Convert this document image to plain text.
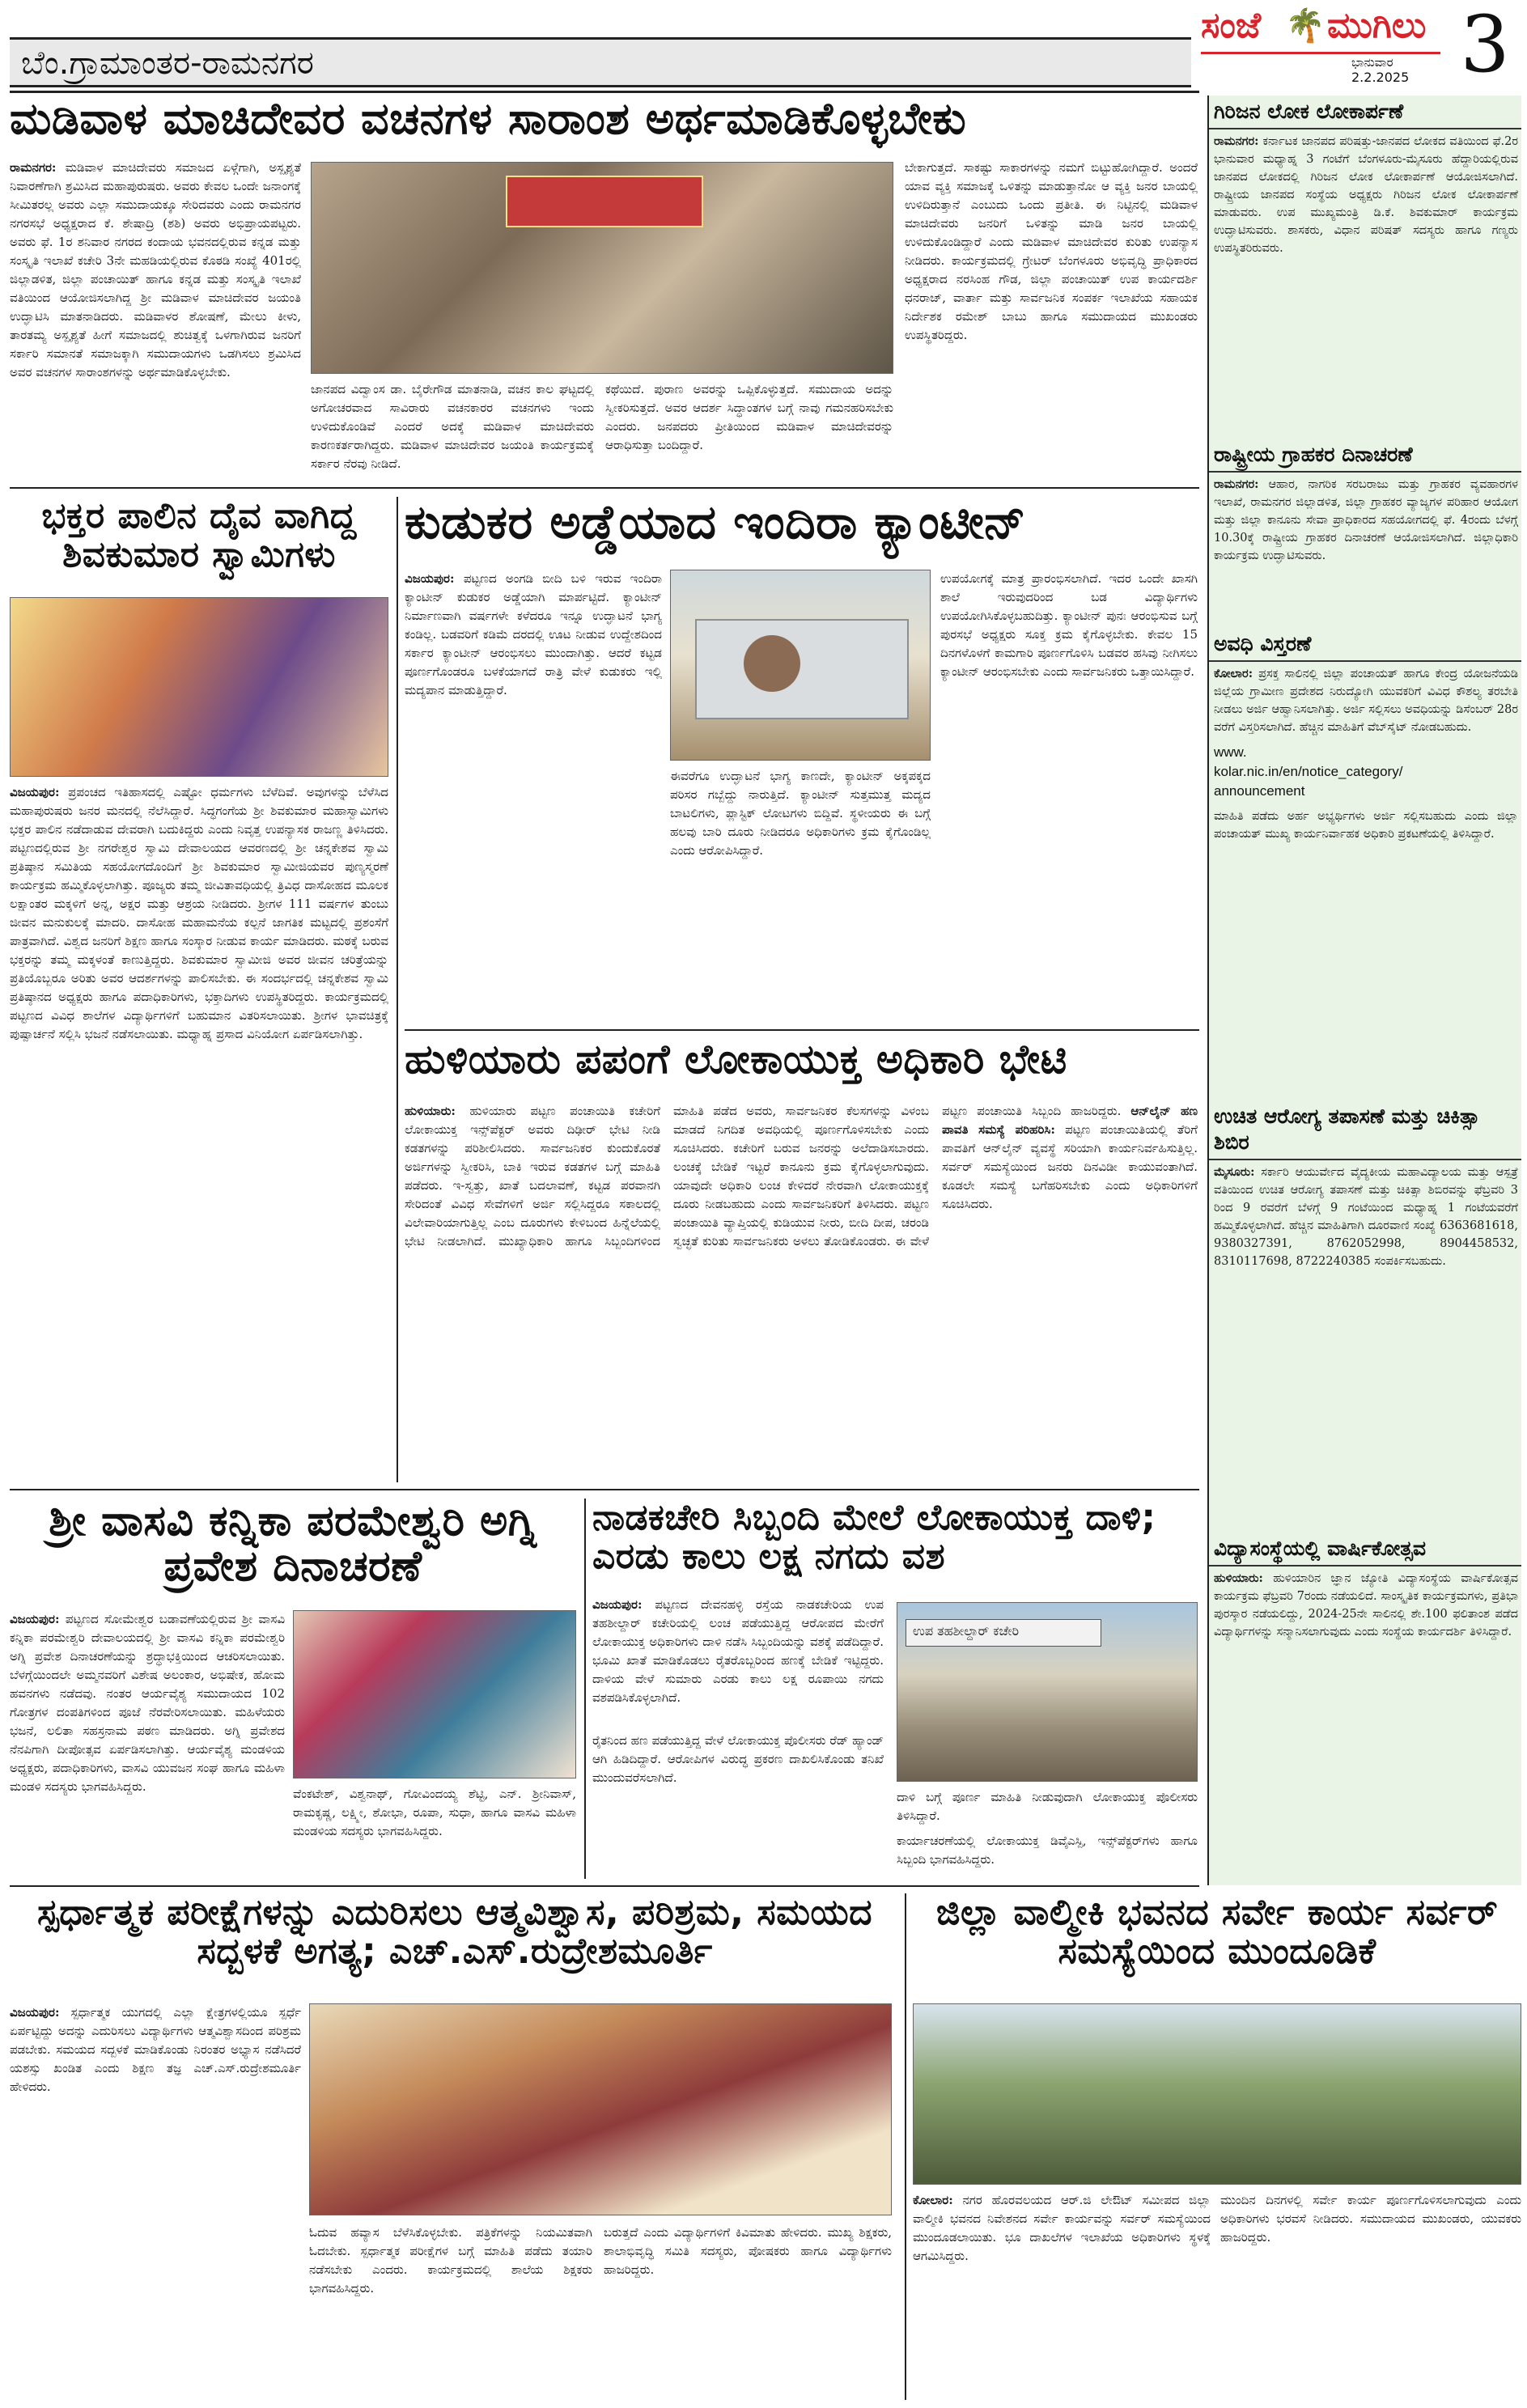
ಬೆಂ.ಗ್ರಾಮಾಂತರ-ರಾಮನಗರ
ಸಂಜೆ 🌴 ಮುಗಿಲು
ಭಾನುವಾರ
2.2.2025 3
ಮಡಿವಾಳ ಮಾಚಿದೇವರ ವಚನಗಳ ಸಾರಾಂಶ ಅರ್ಥಮಾಡಿಕೊಳ್ಳಬೇಕು
ರಾಮನಗರ: ಮಡಿವಾಳ ಮಾಚಿದೇವರು ಸಮಾಜದ ಏಳ್ಗೆಗಾಗಿ, ಅಸ್ಪೃಶ್ಯತೆ ನಿವಾರಣೆಗಾಗಿ ಶ್ರಮಿಸಿದ ಮಹಾಪುರುಷರು. ಅವರು ಕೇವಲ ಒಂದೇ ಜನಾಂಗಕ್ಕೆ ಸೀಮಿತರಲ್ಲ ಅವರು ಎಲ್ಲಾ ಸಮುದಾಯಕ್ಕೂ ಸೇರಿದವರು ಎಂದು ರಾಮನಗರ ನಗರಸಭೆ ಅಧ್ಯಕ್ಷರಾದ ಕೆ. ಶೇಷಾದ್ರಿ (ಶಶಿ) ಅವರು ಅಭಿಪ್ರಾಯಪಟ್ಟರು. ಅವರು ಫೆ. 1ರ ಶನಿವಾರ ನಗರದ ಕಂದಾಯ ಭವನದಲ್ಲಿರುವ ಕನ್ನಡ ಮತ್ತು ಸಂಸ್ಕೃತಿ ಇಲಾಖೆ ಕಚೇರಿ 3ನೇ ಮಹಡಿಯಲ್ಲಿರುವ ಕೊಠಡಿ ಸಂಖ್ಯೆ 401ರಲ್ಲಿ ಜಿಲ್ಲಾಡಳಿತ, ಜಿಲ್ಲಾ ಪಂಚಾಯಿತ್ ಹಾಗೂ ಕನ್ನಡ ಮತ್ತು ಸಂಸ್ಕೃತಿ ಇಲಾಖೆ ವತಿಯಿಂದ ಆಯೋಜಿಸಲಾಗಿದ್ದ ಶ್ರೀ ಮಡಿವಾಳ ಮಾಚಿದೇವರ ಜಯಂತಿ ಉದ್ಘಾಟಿಸಿ ಮಾತನಾಡಿದರು. ಮಡಿವಾಳರ ಶೋಷಣೆ, ಮೇಲು ಕೀಳು, ತಾರತಮ್ಯ ಅಸ್ಪೃಶ್ಯತೆ ಹೀಗೆ ಸಮಾಜದಲ್ಲಿ ಶುಚಿತ್ವಕ್ಕೆ ಒಳಗಾಗಿರುವ ಜನರಿಗೆ ಸರ್ಕಾರಿ ಸಮಾನತೆ ಸಮಾಜಕ್ಕಾಗಿ ಸಮುದಾಯಗಳು ಒಡಗಿಸಲು ಶ್ರಮಿಸಿದ ಅವರ ವಚನಗಳ ಸಾರಾಂಶಗಳನ್ನು ಅರ್ಥಮಾಡಿಕೊಳ್ಳಬೇಕು.
ಜಾನಪದ ವಿದ್ವಾಂಸ ಡಾ. ಬೈರೇಗೌಡ ಮಾತನಾಡಿ, ವಚನ ಕಾಲ ಘಟ್ಟದಲ್ಲಿ ಅಗೋಚರವಾದ ಸಾವಿರಾರು ವಚನಕಾರರ ವಚನಗಳು ಇಂದು ಉಳಿದುಕೊಂಡಿವೆ ಎಂದರೆ ಅದಕ್ಕೆ ಮಡಿವಾಳ ಮಾಚಿದೇವರು ಕಾರಣಕರ್ತರಾಗಿದ್ದರು. ಮಡಿವಾಳ ಮಾಚಿದೇವರ ಜಯಂತಿ ಕಾರ್ಯಕ್ರಮಕ್ಕೆ ಸರ್ಕಾರ ನೆರವು ನೀಡಿದೆ.
ಕಥೆಯಿದೆ. ಪುರಾಣ ಅವರನ್ನು ಒಪ್ಪಿಕೊಳ್ಳುತ್ತದೆ. ಸಮುದಾಯ ಅದನ್ನು ಸ್ವೀಕರಿಸುತ್ತದೆ. ಅವರ ಆದರ್ಶ ಸಿದ್ಧಾಂತಗಳ ಬಗ್ಗೆ ನಾವು ಗಮನಹರಿಸಬೇಕು ಎಂದರು. ಜನಪದರು ಪ್ರೀತಿಯಿಂದ ಮಡಿವಾಳ ಮಾಚಿದೇವರನ್ನು ಆರಾಧಿಸುತ್ತಾ ಬಂದಿದ್ದಾರೆ.
ಬೇಕಾಗುತ್ತದೆ. ಸಾಕಷ್ಟು ಸಾಕಾರಗಳನ್ನು ನಮಗೆ ಬಿಟ್ಟುಹೋಗಿದ್ದಾರೆ. ಅಂದರೆ ಯಾವ ವ್ಯಕ್ತಿ ಸಮಾಜಕ್ಕೆ ಒಳಿತನ್ನು ಮಾಡುತ್ತಾನೋ ಆ ವ್ಯಕ್ತಿ ಜನರ ಬಾಯಲ್ಲಿ ಉಳಿದಿರುತ್ತಾನೆ ಎಂಬುದು ಒಂದು ಪ್ರತೀತಿ. ಈ ನಿಟ್ಟಿನಲ್ಲಿ ಮಡಿವಾಳ ಮಾಚಿದೇವರು ಜನರಿಗೆ ಒಳಿತನ್ನು ಮಾಡಿ ಜನರ ಬಾಯಲ್ಲಿ ಉಳಿದುಕೊಂಡಿದ್ದಾರೆ ಎಂದು ಮಡಿವಾಳ ಮಾಚಿದೇವರ ಕುರಿತು ಉಪನ್ಯಾಸ ನೀಡಿದರು. ಕಾರ್ಯಕ್ರಮದಲ್ಲಿ ಗ್ರೇಟರ್ ಬೆಂಗಳೂರು ಅಭಿವೃದ್ಧಿ ಪ್ರಾಧಿಕಾರದ ಅಧ್ಯಕ್ಷರಾದ ನರಸಿಂಹ ಗೌಡ, ಜಿಲ್ಲಾ ಪಂಚಾಯಿತ್ ಉಪ ಕಾರ್ಯದರ್ಶಿ ಧನರಾಜ್, ವಾರ್ತಾ ಮತ್ತು ಸಾರ್ವಜನಿಕ ಸಂಪರ್ಕ ಇಲಾಖೆಯ ಸಹಾಯಕ ನಿರ್ದೇಶಕ ರಮೇಶ್ ಬಾಬು ಹಾಗೂ ಸಮುದಾಯದ ಮುಖಂಡರು ಉಪಸ್ಥಿತರಿದ್ದರು.
ಭಕ್ತರ ಪಾಲಿನ ದೈವ ವಾಗಿದ್ದ ಶಿವಕುಮಾರ ಸ್ವಾಮಿಗಳು
ವಿಜಯಪುರ: ಪ್ರಪಂಚದ ಇತಿಹಾಸದಲ್ಲಿ ಎಷ್ಟೋ ಧರ್ಮಗಳು ಬೆಳೆದಿವೆ. ಅವುಗಳನ್ನು ಬೆಳೆಸಿದ ಮಹಾಪುರುಷರು ಜನರ ಮನದಲ್ಲಿ ನೆಲೆಸಿದ್ದಾರೆ. ಸಿದ್ಧಗಂಗೆಯ ಶ್ರೀ ಶಿವಕುಮಾರ ಮಹಾಸ್ವಾಮಿಗಳು ಭಕ್ತರ ಪಾಲಿನ ನಡೆದಾಡುವ ದೇವರಾಗಿ ಬದುಕಿದ್ದರು ಎಂದು ನಿವೃತ್ತ ಉಪನ್ಯಾಸಕ ರಾಜಣ್ಣ ತಿಳಿಸಿದರು. ಪಟ್ಟಣದಲ್ಲಿರುವ ಶ್ರೀ ನಗರೇಶ್ವರ ಸ್ವಾಮಿ ದೇವಾಲಯದ ಆವರಣದಲ್ಲಿ ಶ್ರೀ ಚನ್ನಕೇಶವ ಸ್ವಾಮಿ ಪ್ರತಿಷ್ಠಾನ ಸಮಿತಿಯ ಸಹಯೋಗದೊಂದಿಗೆ ಶ್ರೀ ಶಿವಕುಮಾರ ಸ್ವಾಮೀಜಿಯವರ ಪುಣ್ಯಸ್ಮರಣೆ ಕಾರ್ಯಕ್ರಮ ಹಮ್ಮಿಕೊಳ್ಳಲಾಗಿತ್ತು. ಪೂಜ್ಯರು ತಮ್ಮ ಜೀವಿತಾವಧಿಯಲ್ಲಿ ತ್ರಿವಿಧ ದಾಸೋಹದ ಮೂಲಕ ಲಕ್ಷಾಂತರ ಮಕ್ಕಳಿಗೆ ಅನ್ನ, ಅಕ್ಷರ ಮತ್ತು ಆಶ್ರಯ ನೀಡಿದರು. ಶ್ರೀಗಳ 111 ವರ್ಷಗಳ ತುಂಬು ಜೀವನ ಮನುಕುಲಕ್ಕೆ ಮಾದರಿ. ದಾಸೋಹ ಮಹಾಮನೆಯ ಕಲ್ಪನೆ ಜಾಗತಿಕ ಮಟ್ಟದಲ್ಲಿ ಪ್ರಶಂಸೆಗೆ ಪಾತ್ರವಾಗಿದೆ. ವಿಶ್ವದ ಜನರಿಗೆ ಶಿಕ್ಷಣ ಹಾಗೂ ಸಂಸ್ಕಾರ ನೀಡುವ ಕಾರ್ಯ ಮಾಡಿದರು. ಮಠಕ್ಕೆ ಬರುವ ಭಕ್ತರನ್ನು ತಮ್ಮ ಮಕ್ಕಳಂತೆ ಕಾಣುತ್ತಿದ್ದರು. ಶಿವಕುಮಾರ ಸ್ವಾಮೀಜಿ ಅವರ ಜೀವನ ಚರಿತ್ರೆಯನ್ನು ಪ್ರತಿಯೊಬ್ಬರೂ ಅರಿತು ಅವರ ಆದರ್ಶಗಳನ್ನು ಪಾಲಿಸಬೇಕು. ಈ ಸಂದರ್ಭದಲ್ಲಿ ಚನ್ನಕೇಶವ ಸ್ವಾಮಿ ಪ್ರತಿಷ್ಠಾನದ ಅಧ್ಯಕ್ಷರು ಹಾಗೂ ಪದಾಧಿಕಾರಿಗಳು, ಭಕ್ತಾದಿಗಳು ಉಪಸ್ಥಿತರಿದ್ದರು. ಕಾರ್ಯಕ್ರಮದಲ್ಲಿ ಪಟ್ಟಣದ ವಿವಿಧ ಶಾಲೆಗಳ ವಿದ್ಯಾರ್ಥಿಗಳಿಗೆ ಬಹುಮಾನ ವಿತರಿಸಲಾಯಿತು. ಶ್ರೀಗಳ ಭಾವಚಿತ್ರಕ್ಕೆ ಪುಷ್ಪಾರ್ಚನೆ ಸಲ್ಲಿಸಿ ಭಜನೆ ನಡೆಸಲಾಯಿತು. ಮಧ್ಯಾಹ್ನ ಪ್ರಸಾದ ವಿನಿಯೋಗ ಏರ್ಪಡಿಸಲಾಗಿತ್ತು.
ಕುಡುಕರ ಅಡ್ಡೆಯಾದ ಇಂದಿರಾ ಕ್ಯಾಂಟೀನ್
ವಿಜಯಪುರ: ಪಟ್ಟಣದ ಅಂಗಡಿ ಬೀದಿ ಬಳಿ ಇರುವ ಇಂದಿರಾ ಕ್ಯಾಂಟೀನ್ ಕುಡುಕರ ಅಡ್ಡೆಯಾಗಿ ಮಾರ್ಪಟ್ಟಿದೆ. ಕ್ಯಾಂಟೀನ್ ನಿರ್ಮಾಣವಾಗಿ ವರ್ಷಗಳೇ ಕಳೆದರೂ ಇನ್ನೂ ಉದ್ಘಾಟನೆ ಭಾಗ್ಯ ಕಂಡಿಲ್ಲ. ಬಡವರಿಗೆ ಕಡಿಮೆ ದರದಲ್ಲಿ ಊಟ ನೀಡುವ ಉದ್ದೇಶದಿಂದ ಸರ್ಕಾರ ಕ್ಯಾಂಟೀನ್ ಆರಂಭಿಸಲು ಮುಂದಾಗಿತ್ತು. ಆದರೆ ಕಟ್ಟಡ ಪೂರ್ಣಗೊಂಡರೂ ಬಳಕೆಯಾಗದೆ ರಾತ್ರಿ ವೇಳೆ ಕುಡುಕರು ಇಲ್ಲಿ ಮದ್ಯಪಾನ ಮಾಡುತ್ತಿದ್ದಾರೆ.
ಈವರೆಗೂ ಉದ್ಘಾಟನೆ ಭಾಗ್ಯ ಕಾಣದೇ, ಕ್ಯಾಂಟೀನ್ ಅಕ್ಕಪಕ್ಕದ ಪರಿಸರ ಗಬ್ಬೆದ್ದು ನಾರುತ್ತಿದೆ. ಕ್ಯಾಂಟೀನ್ ಸುತ್ತಮುತ್ತ ಮದ್ಯದ ಬಾಟಲಿಗಳು, ಪ್ಲಾಸ್ಟಿಕ್ ಲೋಟಗಳು ಬಿದ್ದಿವೆ. ಸ್ಥಳೀಯರು ಈ ಬಗ್ಗೆ ಹಲವು ಬಾರಿ ದೂರು ನೀಡಿದರೂ ಅಧಿಕಾರಿಗಳು ಕ್ರಮ ಕೈಗೊಂಡಿಲ್ಲ ಎಂದು ಆರೋಪಿಸಿದ್ದಾರೆ.
ಉಪಯೋಗಕ್ಕೆ ಮಾತ್ರ ಪ್ರಾರಂಭಿಸಲಾಗಿದೆ. ಇದರ ಒಂದೇ ಖಾಸಗಿ ಶಾಲೆ ಇರುವುದರಿಂದ ಬಡ ವಿದ್ಯಾರ್ಥಿಗಳು ಉಪಯೋಗಿಸಿಕೊಳ್ಳಬಹುದಿತ್ತು. ಕ್ಯಾಂಟೀನ್ ಪುನಃ ಆರಂಭಿಸುವ ಬಗ್ಗೆ ಪುರಸಭೆ ಅಧ್ಯಕ್ಷರು ಸೂಕ್ತ ಕ್ರಮ ಕೈಗೊಳ್ಳಬೇಕು. ಕೇವಲ 15 ದಿನಗಳೊಳಗೆ ಕಾಮಗಾರಿ ಪೂರ್ಣಗೊಳಿಸಿ ಬಡವರ ಹಸಿವು ನೀಗಿಸಲು ಕ್ಯಾಂಟೀನ್ ಆರಂಭಿಸಬೇಕು ಎಂದು ಸಾರ್ವಜನಿಕರು ಒತ್ತಾಯಿಸಿದ್ದಾರೆ.
ಹುಳಿಯಾರು ಪಪಂಗೆ ಲೋಕಾಯುಕ್ತ ಅಧಿಕಾರಿ ಭೇಟಿ
ಹುಳಿಯಾರು: ಹುಳಿಯಾರು ಪಟ್ಟಣ ಪಂಚಾಯಿತಿ ಕಚೇರಿಗೆ ಲೋಕಾಯುಕ್ತ ಇನ್ಸ್‌ಪೆಕ್ಟರ್ ಅವರು ದಿಢೀರ್ ಭೇಟಿ ನೀಡಿ ಕಡತಗಳನ್ನು ಪರಿಶೀಲಿಸಿದರು. ಸಾರ್ವಜನಿಕರ ಕುಂದುಕೊರತೆ ಅರ್ಜಿಗಳನ್ನು ಸ್ವೀಕರಿಸಿ, ಬಾಕಿ ಇರುವ ಕಡತಗಳ ಬಗ್ಗೆ ಮಾಹಿತಿ ಪಡೆದರು. ಇ-ಸ್ವತ್ತು, ಖಾತೆ ಬದಲಾವಣೆ, ಕಟ್ಟಡ ಪರವಾನಗಿ ಸೇರಿದಂತೆ ವಿವಿಧ ಸೇವೆಗಳಿಗೆ ಅರ್ಜಿ ಸಲ್ಲಿಸಿದ್ದರೂ ಸಕಾಲದಲ್ಲಿ ವಿಲೇವಾರಿಯಾಗುತ್ತಿಲ್ಲ ಎಂಬ ದೂರುಗಳು ಕೇಳಿಬಂದ ಹಿನ್ನೆಲೆಯಲ್ಲಿ ಭೇಟಿ ನೀಡಲಾಗಿದೆ. ಮುಖ್ಯಾಧಿಕಾರಿ ಹಾಗೂ ಸಿಬ್ಬಂದಿಗಳಿಂದ ಮಾಹಿತಿ ಪಡೆದ ಅವರು, ಸಾರ್ವಜನಿಕರ ಕೆಲಸಗಳನ್ನು ವಿಳಂಬ ಮಾಡದೆ ನಿಗದಿತ ಅವಧಿಯಲ್ಲಿ ಪೂರ್ಣಗೊಳಿಸಬೇಕು ಎಂದು ಸೂಚಿಸಿದರು. ಕಚೇರಿಗೆ ಬರುವ ಜನರನ್ನು ಅಲೆದಾಡಿಸಬಾರದು. ಲಂಚಕ್ಕೆ ಬೇಡಿಕೆ ಇಟ್ಟರೆ ಕಾನೂನು ಕ್ರಮ ಕೈಗೊಳ್ಳಲಾಗುವುದು. ಯಾವುದೇ ಅಧಿಕಾರಿ ಲಂಚ ಕೇಳಿದರೆ ನೇರವಾಗಿ ಲೋಕಾಯುಕ್ತಕ್ಕೆ ದೂರು ನೀಡಬಹುದು ಎಂದು ಸಾರ್ವಜನಿಕರಿಗೆ ತಿಳಿಸಿದರು. ಪಟ್ಟಣ ಪಂಚಾಯಿತಿ ವ್ಯಾಪ್ತಿಯಲ್ಲಿ ಕುಡಿಯುವ ನೀರು, ಬೀದಿ ದೀಪ, ಚರಂಡಿ ಸ್ವಚ್ಛತೆ ಕುರಿತು ಸಾರ್ವಜನಿಕರು ಅಳಲು ತೋಡಿಕೊಂಡರು. ಈ ವೇಳೆ ಪಟ್ಟಣ ಪಂಚಾಯಿತಿ ಸಿಬ್ಬಂದಿ ಹಾಜರಿದ್ದರು. ಆನ್‌ಲೈನ್ ಹಣ ಪಾವತಿ ಸಮಸ್ಯೆ ಪರಿಹರಿಸಿ: ಪಟ್ಟಣ ಪಂಚಾಯಿತಿಯಲ್ಲಿ ತೆರಿಗೆ ಪಾವತಿಗೆ ಆನ್‌ಲೈನ್ ವ್ಯವಸ್ಥೆ ಸರಿಯಾಗಿ ಕಾರ್ಯನಿರ್ವಹಿಸುತ್ತಿಲ್ಲ. ಸರ್ವರ್ ಸಮಸ್ಯೆಯಿಂದ ಜನರು ದಿನವಿಡೀ ಕಾಯುವಂತಾಗಿದೆ. ಕೂಡಲೇ ಸಮಸ್ಯೆ ಬಗೆಹರಿಸಬೇಕು ಎಂದು ಅಧಿಕಾರಿಗಳಿಗೆ ಸೂಚಿಸಿದರು.
ಶ್ರೀ ವಾಸವಿ ಕನ್ನಿಕಾ ಪರಮೇಶ್ವರಿ ಅಗ್ನಿ ಪ್ರವೇಶ ದಿನಾಚರಣೆ
ವಿಜಯಪುರ: ಪಟ್ಟಣದ ಸೋಮೇಶ್ವರ ಬಡಾವಣೆಯಲ್ಲಿರುವ ಶ್ರೀ ವಾಸವಿ ಕನ್ನಿಕಾ ಪರಮೇಶ್ವರಿ ದೇವಾಲಯದಲ್ಲಿ ಶ್ರೀ ವಾಸವಿ ಕನ್ನಿಕಾ ಪರಮೇಶ್ವರಿ ಅಗ್ನಿ ಪ್ರವೇಶ ದಿನಾಚರಣೆಯನ್ನು ಶ್ರದ್ಧಾಭಕ್ತಿಯಿಂದ ಆಚರಿಸಲಾಯಿತು. ಬೆಳಗ್ಗೆಯಿಂದಲೇ ಅಮ್ಮನವರಿಗೆ ವಿಶೇಷ ಅಲಂಕಾರ, ಅಭಿಷೇಕ, ಹೋಮ ಹವನಗಳು ನಡೆದವು. ನಂತರ ಆರ್ಯವೈಶ್ಯ ಸಮುದಾಯದ 102 ಗೋತ್ರಗಳ ದಂಪತಿಗಳಿಂದ ಪೂಜೆ ನೆರವೇರಿಸಲಾಯಿತು. ಮಹಿಳೆಯರು ಭಜನೆ, ಲಲಿತಾ ಸಹಸ್ರನಾಮ ಪಠಣ ಮಾಡಿದರು. ಅಗ್ನಿ ಪ್ರವೇಶದ ನೆನಪಿಗಾಗಿ ದೀಪೋತ್ಸವ ಏರ್ಪಡಿಸಲಾಗಿತ್ತು. ಆರ್ಯವೈಶ್ಯ ಮಂಡಳಿಯ ಅಧ್ಯಕ್ಷರು, ಪದಾಧಿಕಾರಿಗಳು, ವಾಸವಿ ಯುವಜನ ಸಂಘ ಹಾಗೂ ಮಹಿಳಾ ಮಂಡಳಿ ಸದಸ್ಯರು ಭಾಗವಹಿಸಿದ್ದರು.	ವೆಂಕಟೇಶ್, ವಿಶ್ವನಾಥ್, ಗೋವಿಂದಯ್ಯ ಶೆಟ್ಟಿ, ಎನ್. ಶ್ರೀನಿವಾಸ್, ರಾಮಕೃಷ್ಣ, ಲಕ್ಷ್ಮೀ, ಶೋಭಾ, ರೂಪಾ, ಸುಧಾ, ಹಾಗೂ ವಾಸವಿ ಮಹಿಳಾ ಮಂಡಳಿಯ ಸದಸ್ಯರು ಭಾಗವಹಿಸಿದ್ದರು.
ನಾಡಕಚೇರಿ ಸಿಬ್ಬಂದಿ ಮೇಲೆ ಲೋಕಾಯುಕ್ತ ದಾಳಿ; ಎರಡು ಕಾಲು ಲಕ್ಷ ನಗದು ವಶ
ವಿಜಯಪುರ: ಪಟ್ಟಣದ ದೇವನಹಳ್ಳಿ ರಸ್ತೆಯ ನಾಡಕಚೇರಿಯ ಉಪ ತಹಶೀಲ್ದಾರ್ ಕಚೇರಿಯಲ್ಲಿ ಲಂಚ ಪಡೆಯುತ್ತಿದ್ದ ಆರೋಪದ ಮೇರೆಗೆ ಲೋಕಾಯುಕ್ತ ಅಧಿಕಾರಿಗಳು ದಾಳಿ ನಡೆಸಿ ಸಿಬ್ಬಂದಿಯನ್ನು ವಶಕ್ಕೆ ಪಡೆದಿದ್ದಾರೆ. ಭೂಮಿ ಖಾತೆ ಮಾಡಿಕೊಡಲು ರೈತರೊಬ್ಬರಿಂದ ಹಣಕ್ಕೆ ಬೇಡಿಕೆ ಇಟ್ಟಿದ್ದರು. ದಾಳಿಯ ವೇಳೆ ಸುಮಾರು ಎರಡು ಕಾಲು ಲಕ್ಷ ರೂಪಾಯಿ ನಗದು ವಶಪಡಿಸಿಕೊಳ್ಳಲಾಗಿದೆ.
ಉಪ ತಹಶೀಲ್ದಾರ್ ಕಚೇರಿ
ರೈತನಿಂದ ಹಣ ಪಡೆಯುತ್ತಿದ್ದ ವೇಳೆ ಲೋಕಾಯುಕ್ತ ಪೊಲೀಸರು ರೆಡ್ ಹ್ಯಾಂಡ್ ಆಗಿ ಹಿಡಿದಿದ್ದಾರೆ. ಆರೋಪಿಗಳ ವಿರುದ್ಧ ಪ್ರಕರಣ ದಾಖಲಿಸಿಕೊಂಡು ತನಿಖೆ ಮುಂದುವರೆಸಲಾಗಿದೆ.
ದಾಳಿ ಬಗ್ಗೆ ಪೂರ್ಣ ಮಾಹಿತಿ ನೀಡುವುದಾಗಿ ಲೋಕಾಯುಕ್ತ ಪೊಲೀಸರು ತಿಳಿಸಿದ್ದಾರೆ.
ಕಾರ್ಯಾಚರಣೆಯಲ್ಲಿ ಲೋಕಾಯುಕ್ತ ಡಿವೈಎಸ್ಪಿ, ಇನ್ಸ್‌ಪೆಕ್ಟರ್‌ಗಳು ಹಾಗೂ ಸಿಬ್ಬಂದಿ ಭಾಗವಹಿಸಿದ್ದರು.
ಸ್ಪರ್ಧಾತ್ಮಕ ಪರೀಕ್ಷೆಗಳನ್ನು ಎದುರಿಸಲು ಆತ್ಮವಿಶ್ವಾಸ, ಪರಿಶ್ರಮ, ಸಮಯದ ಸದ್ಬಳಕೆ ಅಗತ್ಯ; ಎಚ್.ಎಸ್.ರುದ್ರೇಶಮೂರ್ತಿ
ವಿಜಯಪುರ: ಸ್ಪರ್ಧಾತ್ಮಕ ಯುಗದಲ್ಲಿ ಎಲ್ಲಾ ಕ್ಷೇತ್ರಗಳಲ್ಲಿಯೂ ಸ್ಪರ್ಧೆ ಏರ್ಪಟ್ಟಿದ್ದು ಅದನ್ನು ಎದುರಿಸಲು ವಿದ್ಯಾರ್ಥಿಗಳು ಆತ್ಮವಿಶ್ವಾಸದಿಂದ ಪರಿಶ್ರಮ ಪಡಬೇಕು. ಸಮಯದ ಸದ್ಬಳಕೆ ಮಾಡಿಕೊಂಡು ನಿರಂತರ ಅಭ್ಯಾಸ ನಡೆಸಿದರೆ ಯಶಸ್ಸು ಖಂಡಿತ ಎಂದು ಶಿಕ್ಷಣ ತಜ್ಞ ಎಚ್.ಎಸ್.ರುದ್ರೇಶಮೂರ್ತಿ ಹೇಳಿದರು.
ಓದುವ ಹವ್ಯಾಸ ಬೆಳೆಸಿಕೊಳ್ಳಬೇಕು. ಪತ್ರಿಕೆಗಳನ್ನು ನಿಯಮಿತವಾಗಿ ಓದಬೇಕು. ಸ್ಪರ್ಧಾತ್ಮಕ ಪರೀಕ್ಷೆಗಳ ಬಗ್ಗೆ ಮಾಹಿತಿ ಪಡೆದು ತಯಾರಿ ನಡೆಸಬೇಕು ಎಂದರು. ಕಾರ್ಯಕ್ರಮದಲ್ಲಿ ಶಾಲೆಯ ಶಿಕ್ಷಕರು ಭಾಗವಹಿಸಿದ್ದರು.
ಬರುತ್ತದೆ ಎಂದು ವಿದ್ಯಾರ್ಥಿಗಳಿಗೆ ಕಿವಿಮಾತು ಹೇಳಿದರು. ಮುಖ್ಯ ಶಿಕ್ಷಕರು, ಶಾಲಾಭಿವೃದ್ಧಿ ಸಮಿತಿ ಸದಸ್ಯರು, ಪೋಷಕರು ಹಾಗೂ ವಿದ್ಯಾರ್ಥಿಗಳು ಹಾಜರಿದ್ದರು.
ಜಿಲ್ಲಾ ವಾಲ್ಮೀಕಿ ಭವನದ ಸರ್ವೇ ಕಾರ್ಯ ಸರ್ವರ್ ಸಮಸ್ಯೆಯಿಂದ ಮುಂದೂಡಿಕೆ
ಕೋಲಾರ: ನಗರ ಹೊರವಲಯದ ಆರ್.ಜಿ ಲೇಔಟ್ ಸಮೀಪದ ಜಿಲ್ಲಾ ವಾಲ್ಮೀಕಿ ಭವನದ ನಿವೇಶನದ ಸರ್ವೇ ಕಾರ್ಯವನ್ನು ಸರ್ವರ್ ಸಮಸ್ಯೆಯಿಂದ ಮುಂದೂಡಲಾಯಿತು. ಭೂ ದಾಖಲೆಗಳ ಇಲಾಖೆಯ ಅಧಿಕಾರಿಗಳು ಸ್ಥಳಕ್ಕೆ ಆಗಮಿಸಿದ್ದರು.
ಮುಂದಿನ ದಿನಗಳಲ್ಲಿ ಸರ್ವೇ ಕಾರ್ಯ ಪೂರ್ಣಗೊಳಿಸಲಾಗುವುದು ಎಂದು ಅಧಿಕಾರಿಗಳು ಭರವಸೆ ನೀಡಿದರು. ಸಮುದಾಯದ ಮುಖಂಡರು, ಯುವಕರು ಹಾಜರಿದ್ದರು.
ಗಿರಿಜನ ಲೋಕ ಲೋಕಾರ್ಪಣೆ
ರಾಮನಗರ: ಕರ್ನಾಟಕ ಜಾನಪದ ಪರಿಷತ್ತು-ಜಾನಪದ ಲೋಕದ ವತಿಯಿಂದ ಫೆ.2ರ ಭಾನುವಾರ ಮಧ್ಯಾಹ್ನ 3 ಗಂಟೆಗೆ ಬೆಂಗಳೂರು-ಮೈಸೂರು ಹೆದ್ದಾರಿಯಲ್ಲಿರುವ ಜಾನಪದ ಲೋಕದಲ್ಲಿ ಗಿರಿಜನ ಲೋಕ ಲೋಕಾರ್ಪಣೆ ಆಯೋಜಿಸಲಾಗಿದೆ. ರಾಷ್ಟ್ರೀಯ ಜಾನಪದ ಸಂಸ್ಥೆಯ ಅಧ್ಯಕ್ಷರು ಗಿರಿಜನ ಲೋಕ ಲೋಕಾರ್ಪಣೆ ಮಾಡುವರು. ಉಪ ಮುಖ್ಯಮಂತ್ರಿ ಡಿ.ಕೆ. ಶಿವಕುಮಾರ್ ಕಾರ್ಯಕ್ರಮ ಉದ್ಘಾಟಿಸುವರು. ಶಾಸಕರು, ವಿಧಾನ ಪರಿಷತ್ ಸದಸ್ಯರು ಹಾಗೂ ಗಣ್ಯರು ಉಪಸ್ಥಿತರಿರುವರು.
ರಾಷ್ಟ್ರೀಯ ಗ್ರಾಹಕರ ದಿನಾಚರಣೆ
ರಾಮನಗರ: ಆಹಾರ, ನಾಗರಿಕ ಸರಬರಾಜು ಮತ್ತು ಗ್ರಾಹಕರ ವ್ಯವಹಾರಗಳ ಇಲಾಖೆ, ರಾಮನಗರ ಜಿಲ್ಲಾಡಳಿತ, ಜಿಲ್ಲಾ ಗ್ರಾಹಕರ ವ್ಯಾಜ್ಯಗಳ ಪರಿಹಾರ ಆಯೋಗ ಮತ್ತು ಜಿಲ್ಲಾ ಕಾನೂನು ಸೇವಾ ಪ್ರಾಧಿಕಾರದ ಸಹಯೋಗದಲ್ಲಿ ಫೆ. 4ರಂದು ಬೆಳಗ್ಗೆ 10.30ಕ್ಕೆ ರಾಷ್ಟ್ರೀಯ ಗ್ರಾಹಕರ ದಿನಾಚರಣೆ ಆಯೋಜಿಸಲಾಗಿದೆ. ಜಿಲ್ಲಾಧಿಕಾರಿ ಕಾರ್ಯಕ್ರಮ ಉದ್ಘಾಟಿಸುವರು.
ಅವಧಿ ವಿಸ್ತರಣೆ
ಕೋಲಾರ: ಪ್ರಸಕ್ತ ಸಾಲಿನಲ್ಲಿ ಜಿಲ್ಲಾ ಪಂಚಾಯತ್ ಹಾಗೂ ಕೇಂದ್ರ ಯೋಜನೆಯಡಿ ಜಿಲ್ಲೆಯ ಗ್ರಾಮೀಣ ಪ್ರದೇಶದ ನಿರುದ್ಯೋಗಿ ಯುವಕರಿಗೆ ವಿವಿಧ ಕೌಶಲ್ಯ ತರಬೇತಿ ನೀಡಲು ಅರ್ಜಿ ಆಹ್ವಾನಿಸಲಾಗಿತ್ತು. ಅರ್ಜಿ ಸಲ್ಲಿಸಲು ಅವಧಿಯನ್ನು ಡಿಸೆಂಬರ್ 28ರ ವರೆಗೆ ವಿಸ್ತರಿಸಲಾಗಿದೆ. ಹೆಚ್ಚಿನ ಮಾಹಿತಿಗೆ ವೆಬ್‌ಸೈಟ್ ನೋಡಬಹುದು.
www.
kolar.nic.in/en/notice_category/
announcement
ಮಾಹಿತಿ ಪಡೆದು ಅರ್ಹ ಅಭ್ಯರ್ಥಿಗಳು ಅರ್ಜಿ ಸಲ್ಲಿಸಬಹುದು ಎಂದು ಜಿಲ್ಲಾ ಪಂಚಾಯತ್ ಮುಖ್ಯ ಕಾರ್ಯನಿರ್ವಾಹಕ ಅಧಿಕಾರಿ ಪ್ರಕಟಣೆಯಲ್ಲಿ ತಿಳಿಸಿದ್ದಾರೆ.
ಉಚಿತ ಆರೋಗ್ಯ ತಪಾಸಣೆ ಮತ್ತು ಚಿಕಿತ್ಸಾ ಶಿಬಿರ
ಮೈಸೂರು: ಸರ್ಕಾರಿ ಆಯುರ್ವೇದ ವೈದ್ಯಕೀಯ ಮಹಾವಿದ್ಯಾಲಯ ಮತ್ತು ಆಸ್ಪತ್ರೆ ವತಿಯಿಂದ ಉಚಿತ ಆರೋಗ್ಯ ತಪಾಸಣೆ ಮತ್ತು ಚಿಕಿತ್ಸಾ ಶಿಬಿರವನ್ನು ಫೆಬ್ರವರಿ 3 ರಿಂದ 9 ರವರೆಗೆ ಬೆಳಗ್ಗೆ 9 ಗಂಟೆಯಿಂದ ಮಧ್ಯಾಹ್ನ 1 ಗಂಟೆಯವರೆಗೆ ಹಮ್ಮಿಕೊಳ್ಳಲಾಗಿದೆ. ಹೆಚ್ಚಿನ ಮಾಹಿತಿಗಾಗಿ ದೂರವಾಣಿ ಸಂಖ್ಯೆ 6363681618, 9380327391, 8762052998, 8904458532, 8310117698, 8722240385 ಸಂಪರ್ಕಿಸಬಹುದು.
ವಿದ್ಯಾಸಂಸ್ಥೆಯಲ್ಲಿ ವಾರ್ಷಿಕೋತ್ಸವ
ಹುಳಿಯಾರು: ಹುಳಿಯಾರಿನ ಜ್ಞಾನ ಜ್ಯೋತಿ ವಿದ್ಯಾಸಂಸ್ಥೆಯ ವಾರ್ಷಿಕೋತ್ಸವ ಕಾರ್ಯಕ್ರಮ ಫೆಬ್ರವರಿ 7ರಂದು ನಡೆಯಲಿದೆ. ಸಾಂಸ್ಕೃತಿಕ ಕಾರ್ಯಕ್ರಮಗಳು, ಪ್ರತಿಭಾ ಪುರಸ್ಕಾರ ನಡೆಯಲಿದ್ದು, 2024-25ನೇ ಸಾಲಿನಲ್ಲಿ ಶೇ.100 ಫಲಿತಾಂಶ ಪಡೆದ ವಿದ್ಯಾರ್ಥಿಗಳನ್ನು ಸನ್ಮಾನಿಸಲಾಗುವುದು ಎಂದು ಸಂಸ್ಥೆಯ ಕಾರ್ಯದರ್ಶಿ ತಿಳಿಸಿದ್ದಾರೆ.
